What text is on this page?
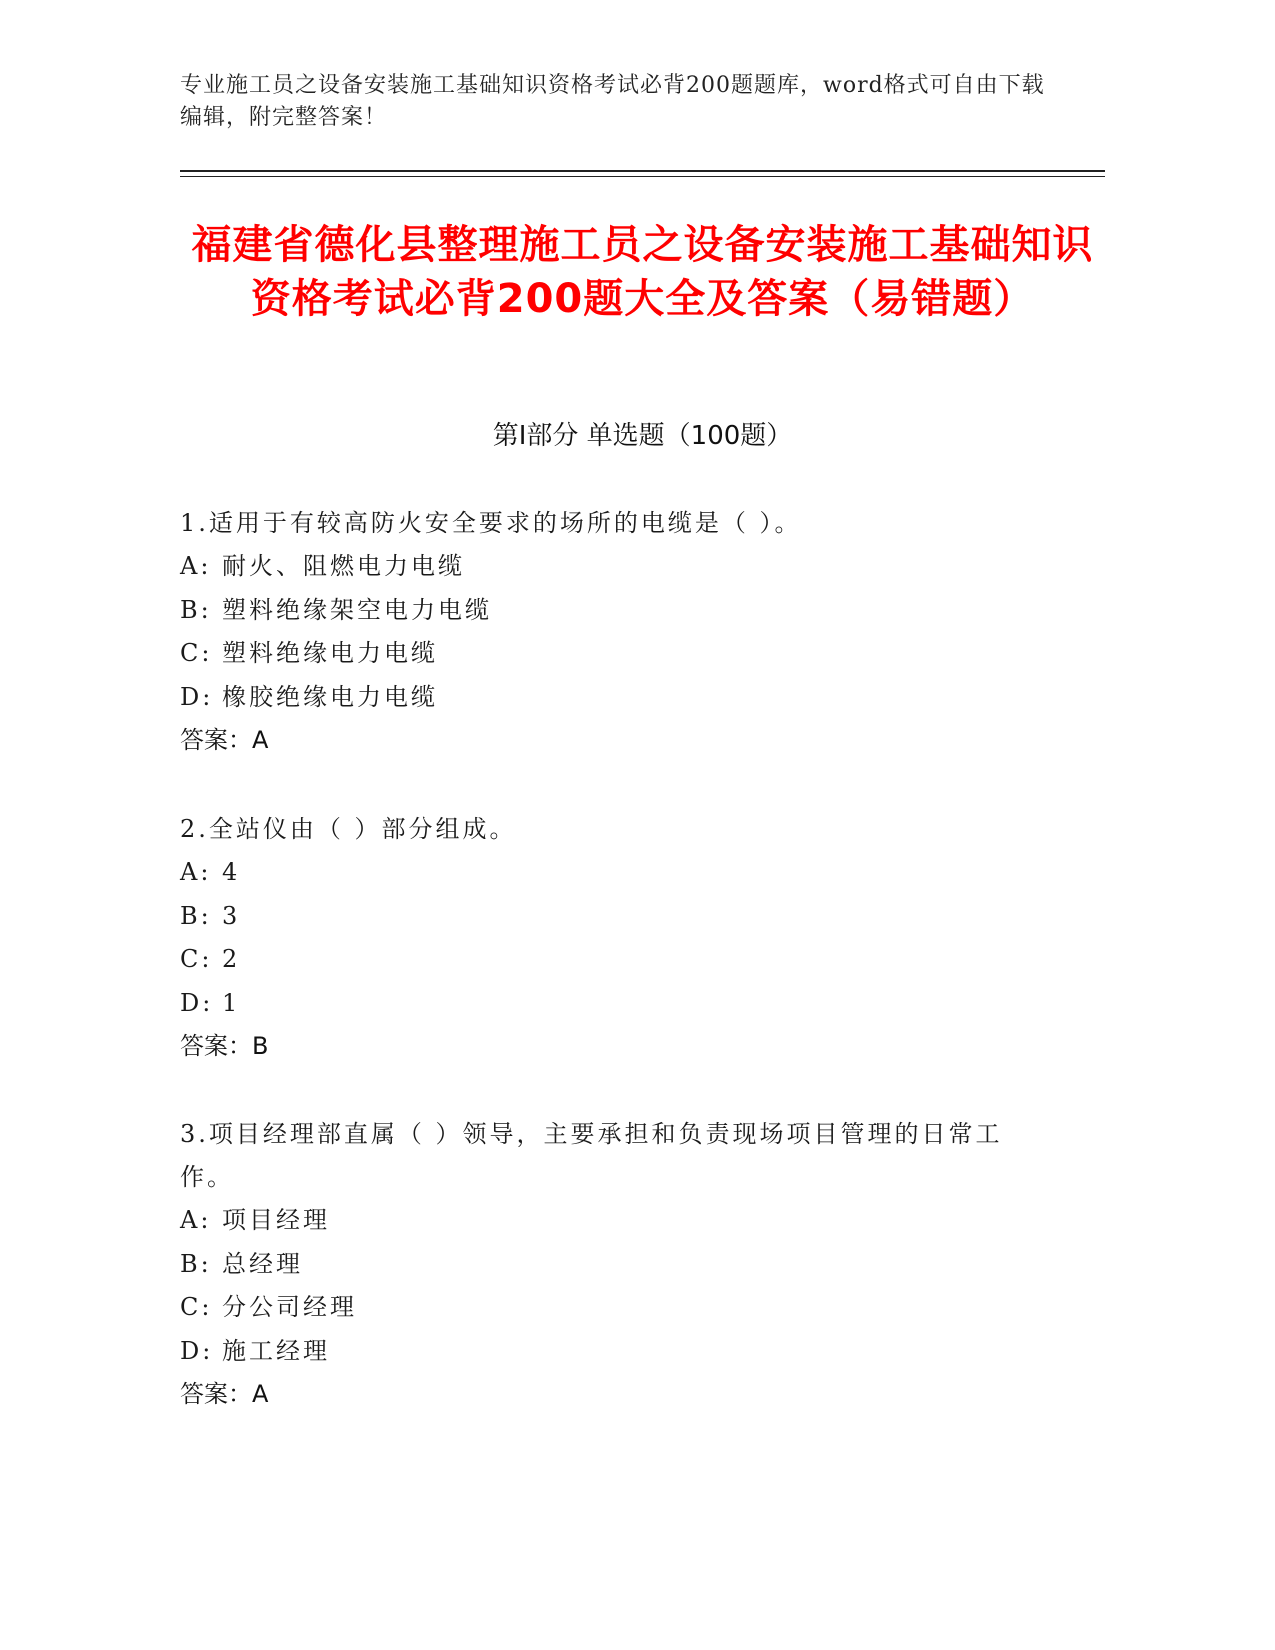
专业施工员之设备安装施工基础知识资格考试必背200题题库，word格式可自由下载编辑，附完整答案！
福建省德化县整理施工员之设备安装施工基础知识资格考试必背200题大全及答案（易错题）
第Ⅰ部分 单选题（100题）

1.适用于有较高防火安全要求的场所的电缆是（ ）。

A: 耐火、阻燃电力电缆

B: 塑料绝缘架空电力电缆

C: 塑料绝缘电力电缆

D: 橡胶绝缘电力电缆

答案：A

2.全站仪由（ ）部分组成。

A: 4

B: 3

C: 2

D: 1

答案：B

3.项目经理部直属（ ）领导，主要承担和负责现场项目管理的日常工作。

A: 项目经理

B: 总经理

C: 分公司经理

D: 施工经理

答案：A
